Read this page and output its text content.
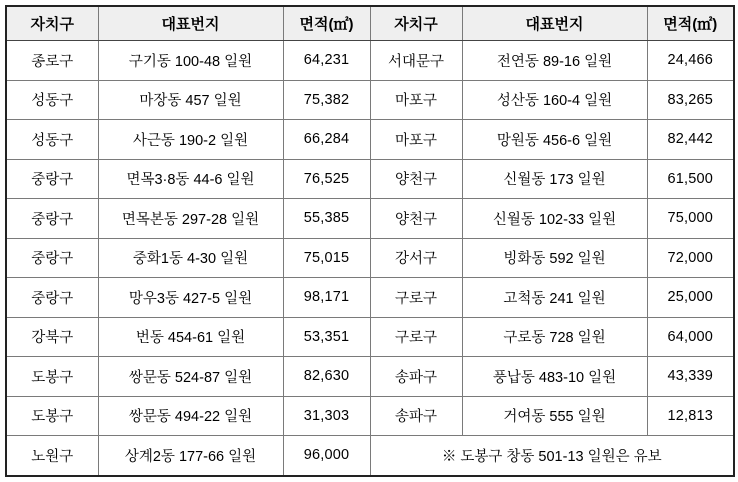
자치구	대표번지	면적(㎡)	자치구	대표번지	면적(㎡)
종로구	구기동 100-48 일원	64,231	서대문구	전연동 89-16 일원	24,466
성동구	마장동 457 일원	75,382	마포구	성산동 160-4 일원	83,265
성동구	사근동 190-2 일원	66,284	마포구	망원동 456-6 일원	82,442
중랑구	면목3·8동 44-6 일원	76,525	양천구	신월동 173 일원	61,500
중랑구	면목본동 297-28 일원	55,385	양천구	신월동 102-33 일원	75,000
중랑구	중화1동 4-30 일원	75,015	강서구	빙화동 592 일원	72,000
중랑구	망우3동 427-5 일원	98,171	구로구	고척동 241 일원	25,000
강북구	번동 454-61 일원	53,351	구로구	구로동 728 일원	64,000
도봉구	쌍문동 524-87 일원	82,630	송파구	풍납동 483-10 일원	43,339
도봉구	쌍문동 494-22 일원	31,303	송파구	거여동 555 일원	12,813
노원구	상계2동 177-66 일원	96,000	※ 도봉구 창동 501-13 일원은 유보		
